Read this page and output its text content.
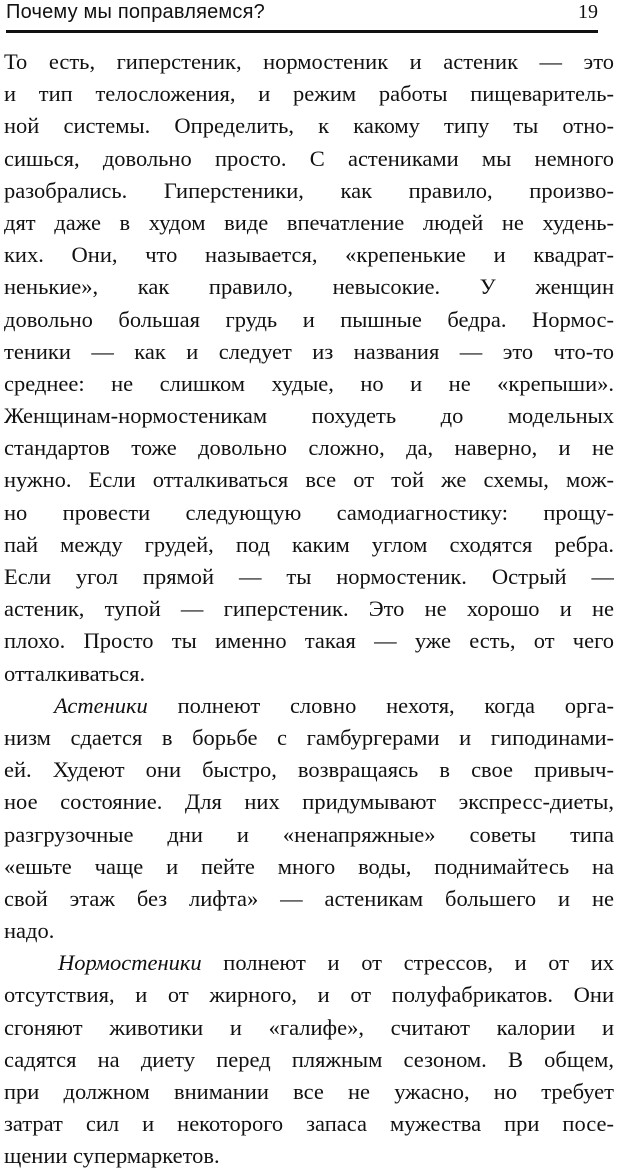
Почему мы поправляемся?	19
То есть, гиперстеник, нормостеник и астеник — это
и тип телосложения, и режим работы пищеваритель-
ной системы. Определить, к какому типу ты отно-
сишься, довольно просто. С астениками мы немного
разобрались. Гиперстеники, как правило, произво-
дят даже в худом виде впечатление людей не худень-
ких. Они, что называется, «крепенькие и квадрат-
ненькие», как правило, невысокие. У женщин
довольно большая грудь и пышные бедра. Нормос-
теники — как и следует из названия — это что-то
среднее: не слишком худые, но и не «крепыши».
Женщинам-нормостеникам похудеть до модельных
стандартов тоже довольно сложно, да, наверно, и не
нужно. Если отталкиваться все от той же схемы, мож-
но провести следующую самодиагностику: прощу-
пай между грудей, под каким углом сходятся ребра.
Если угол прямой — ты нормостеник. Острый —
астеник, тупой — гиперстеник. Это не хорошо и не
плохо. Просто ты именно такая — уже есть, от чего
отталкиваться.
Астеники полнеют словно нехотя, когда орга-
низм сдается в борьбе с гамбургерами и гиподинами-
ей. Худеют они быстро, возвращаясь в свое привыч-
ное состояние. Для них придумывают экспресс-диеты,
разгрузочные дни и «ненапряжные» советы типа
«ешьте чаще и пейте много воды, поднимайтесь на
свой этаж без лифта» — астеникам большего и не
надо.
Нормостеники полнеют и от стрессов, и от их
отсутствия, и от жирного, и от полуфабрикатов. Они
сгоняют животики и «галифе», считают калории и
садятся на диету перед пляжным сезоном. В общем,
при должном внимании все не ужасно, но требует
затрат сил и некоторого запаса мужества при посе-
щении супермаркетов.
